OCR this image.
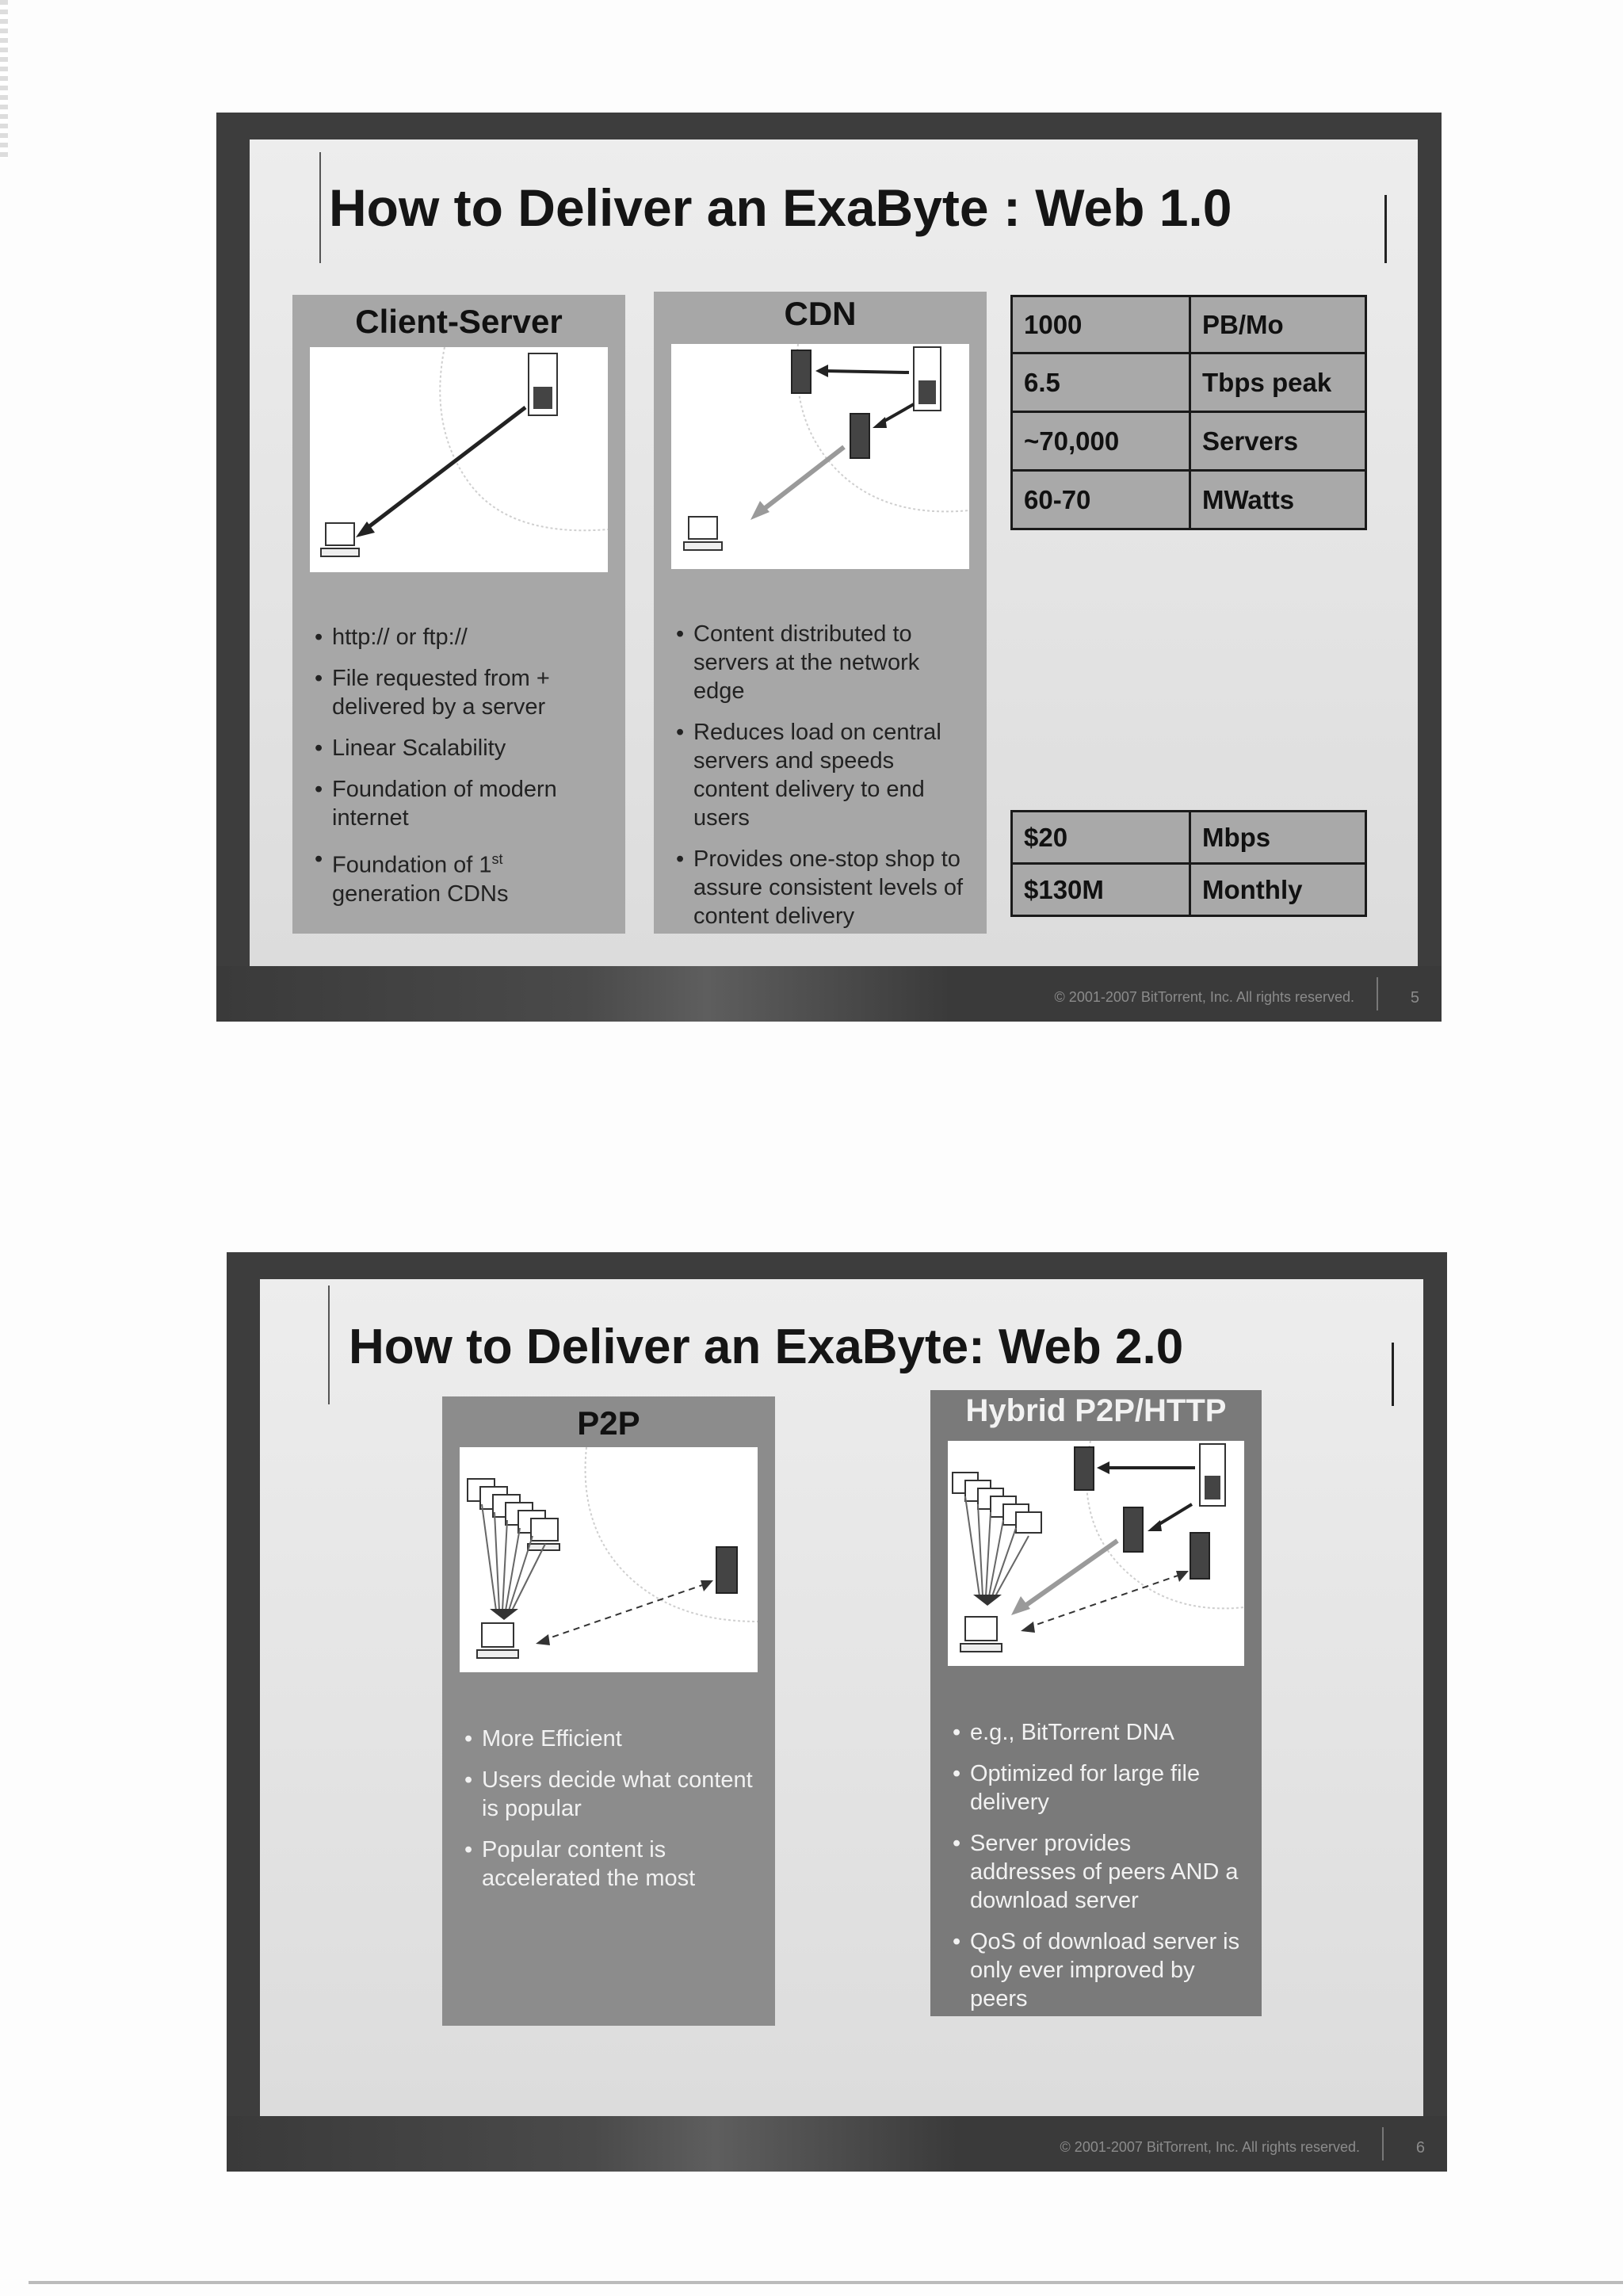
How to Deliver an ExaByte : Web 1.0
Client-Server
• http:// or ftp://
• File requested from + delivered by a server
• Linear Scalability
• Foundation of modern internet
• Foundation of 1st generation CDNs
CDN
• Content distributed to servers at the network edge
• Reduces load on central servers and speeds content delivery to end users
• Provides one-stop shop to assure consistent levels of content delivery
1000	PB/Mo
6.5	Tbps peak
~70,000	Servers
60-70	MWatts
$20	Mbps
$130M	Monthly
© 2001-2007 BitTorrent, Inc. All rights reserved.	5
How to Deliver an ExaByte: Web 2.0
P2P
• More Efficient
• Users decide what content is popular
• Popular content is accelerated the most
Hybrid P2P/HTTP
• e.g., BitTorrent DNA
• Optimized for large file delivery
• Server provides addresses of peers AND a download server
• QoS of download server is only ever improved by peers
© 2001-2007 BitTorrent, Inc. All rights reserved.	6
